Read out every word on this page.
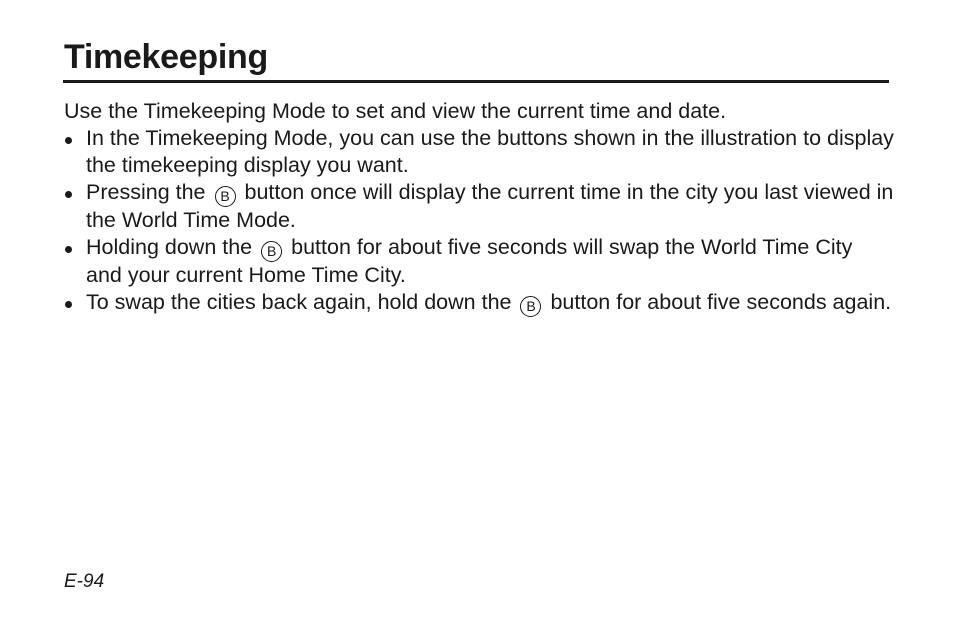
Timekeeping

Use the Timekeeping Mode to set and view the current time and date.

In the Timekeeping Mode, you can use the buttons shown in the illustration to display the timekeeping display you want.
Pressing the B button once will display the current time in the city you last viewed in the World Time Mode.
Holding down the B button for about five seconds will swap the World Time City and your current Home Time City.
To swap the cities back again, hold down the B button for about five seconds again.
E-94
